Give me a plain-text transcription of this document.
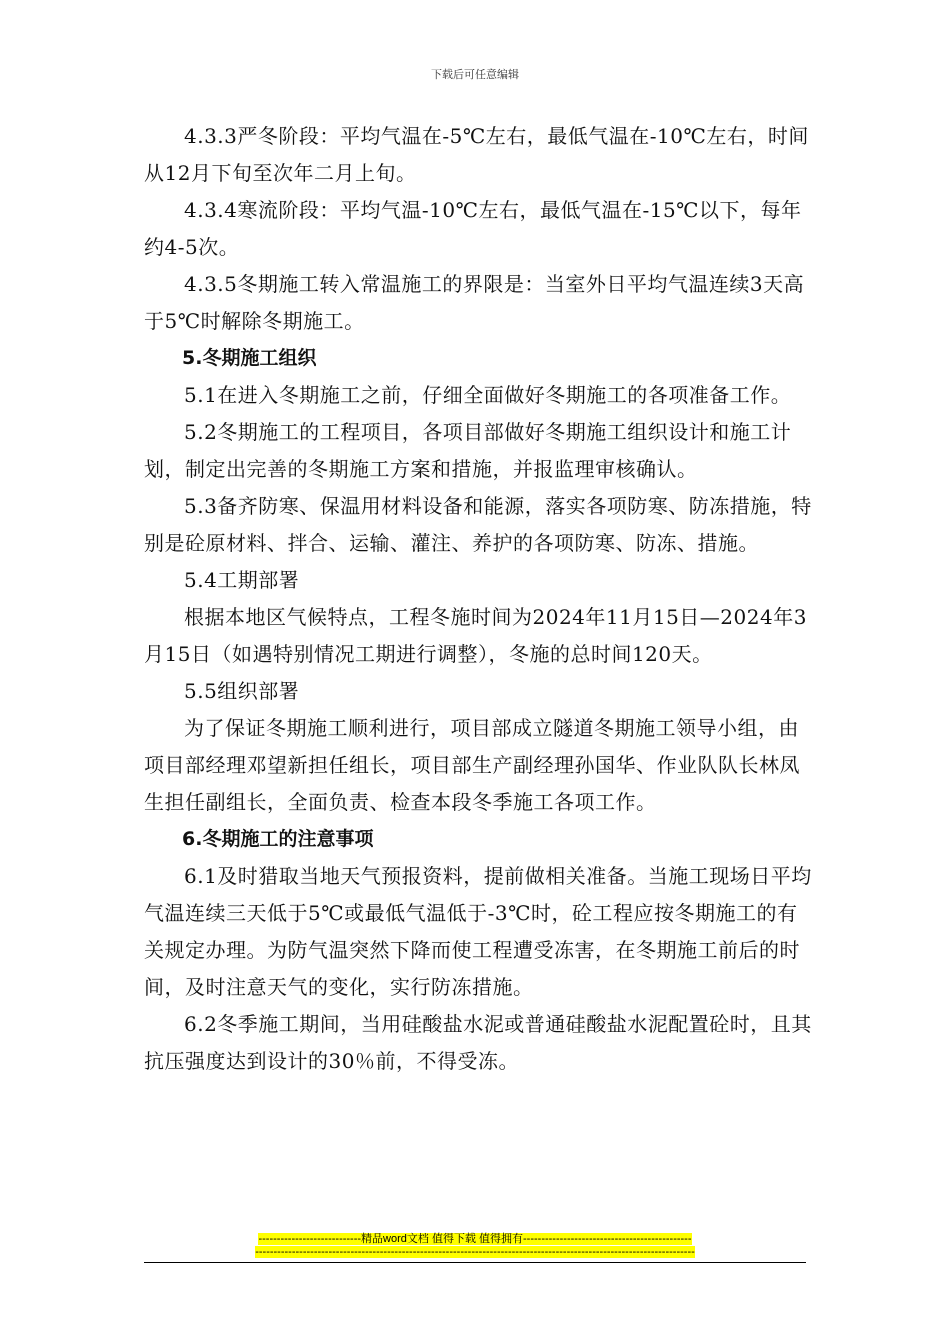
下载后可任意编辑

4.3.3严冬阶段：平均气温在-5℃左右，最低气温在-10℃左右，时间从12月下旬至次年二月上旬。

4.3.4寒流阶段：平均气温-10℃左右，最低气温在-15℃以下，每年约4-5次。

4.3.5冬期施工转入常温施工的界限是：当室外日平均气温连续3天高于5℃时解除冬期施工。

5.冬期施工组织

5.1在进入冬期施工之前，仔细全面做好冬期施工的各项准备工作。

5.2冬期施工的工程项目，各项目部做好冬期施工组织设计和施工计划，制定出完善的冬期施工方案和措施，并报监理审核确认。

5.3备齐防寒、保温用材料设备和能源，落实各项防寒、防冻措施，特别是砼原材料、拌合、运输、灌注、养护的各项防寒、防冻、措施。

5.4工期部署

根据本地区气候特点，工程冬施时间为2024年11月15日—2024年3月15日（如遇特别情况工期进行调整），冬施的总时间120天。

5.5组织部署

为了保证冬期施工顺利进行，项目部成立隧道冬期施工领导小组，由项目部经理邓望新担任组长，项目部生产副经理孙国华、作业队队长林凤生担任副组长，全面负责、检查本段冬季施工各项工作。

6.冬期施工的注意事项

6.1及时猎取当地天气预报资料，提前做相关准备。当施工现场日平均气温连续三天低于5℃或最低气温低于-3℃时，砼工程应按冬期施工的有关规定办理。为防气温突然下降而使工程遭受冻害，在冬期施工前后的时间，及时注意天气的变化，实行防冻措施。

6.2冬季施工期间，当用硅酸盐水泥或普通硅酸盐水泥配置砼时，且其抗压强度达到设计的30％前，不得受冻。

----------------------------精品word文档 值得下载 值得拥有----------------------------------------------
------------------------------------------------------------------------------------------------------------------------
